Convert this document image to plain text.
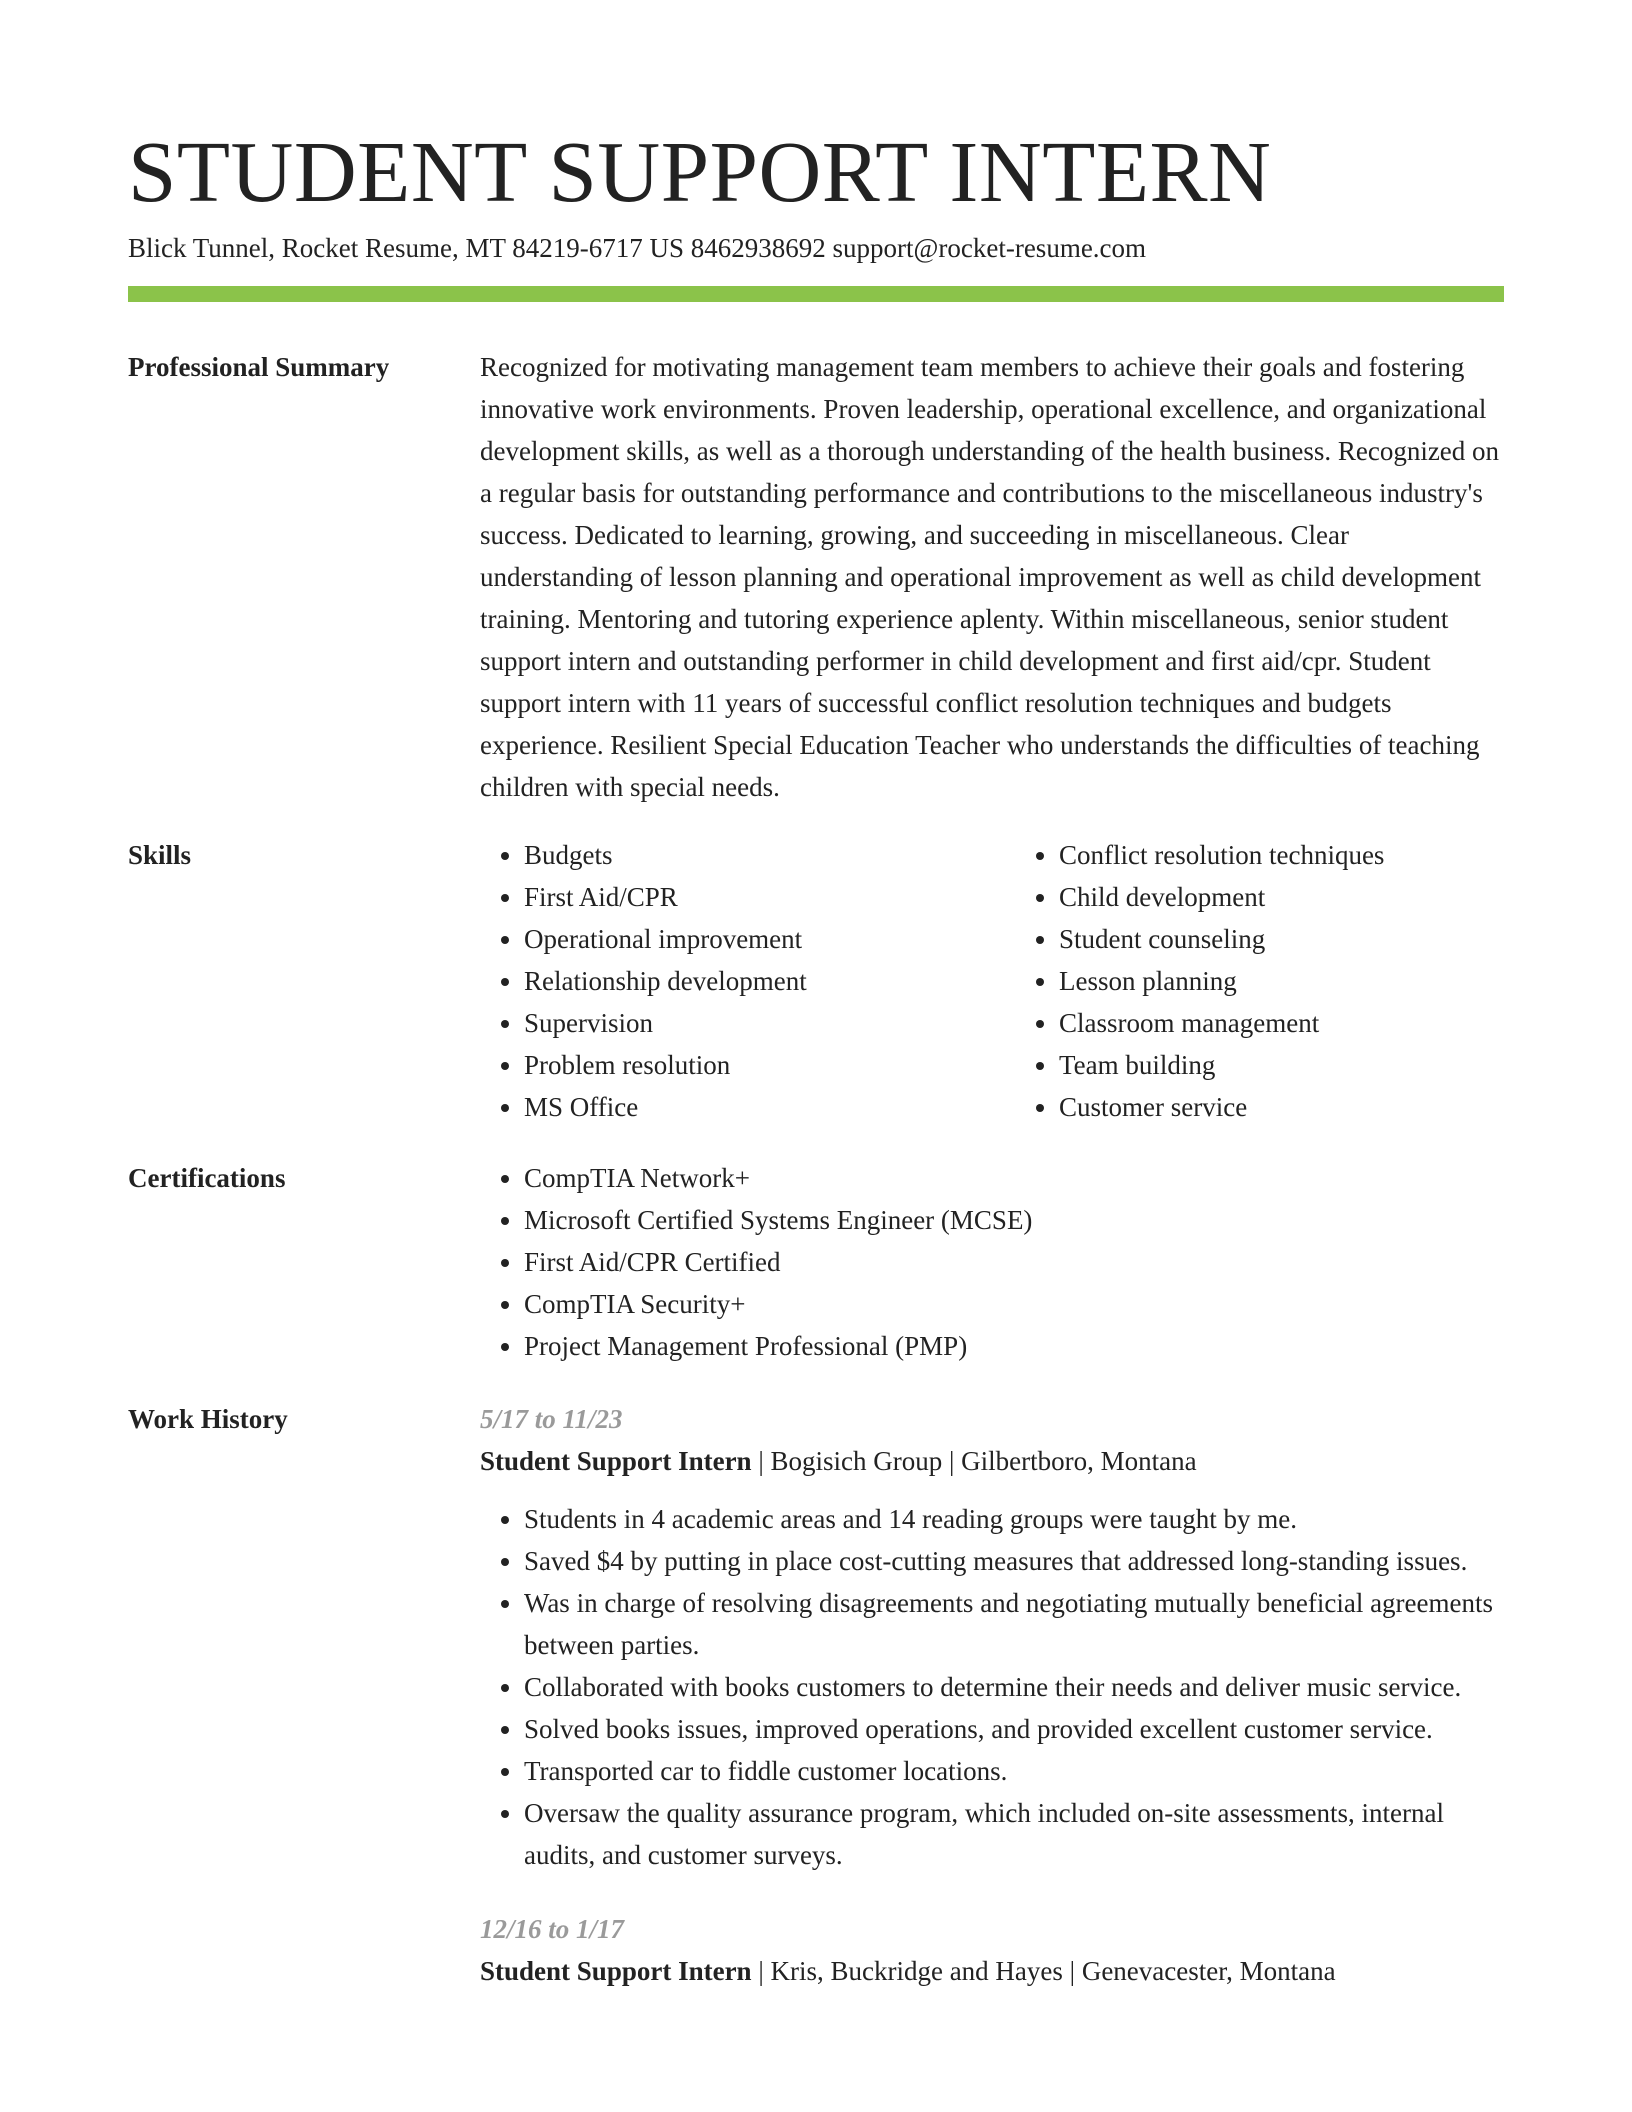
STUDENT SUPPORT INTERN
Blick Tunnel, Rocket Resume, MT 84219-6717 US 8462938692 support@rocket-resume.com
Professional Summary	Recognized for motivating management team members to achieve their goals and fostering innovative work environments. Proven leadership, operational excellence, and organizational development skills, as well as a thorough understanding of the health business. Recognized on a regular basis for outstanding performance and contributions to the miscellaneous industry's success. Dedicated to learning, growing, and succeeding in miscellaneous. Clear understanding of lesson planning and operational improvement as well as child development training. Mentoring and tutoring experience aplenty. Within miscellaneous, senior student support intern and outstanding performer in child development and first aid/cpr. Student support intern with 11 years of successful conflict resolution techniques and budgets experience. Resilient Special Education Teacher who understands the difficulties of teaching children with special needs.

Skills	• Budgets
• First Aid/CPR
• Operational improvement
• Relationship development
• Supervision
• Problem resolution
• MS Office
• Conflict resolution techniques
• Child development
• Student counseling
• Lesson planning
• Classroom management
• Team building
• Customer service
Certifications	• CompTIA Network+
• Microsoft Certified Systems Engineer (MCSE)
• First Aid/CPR Certified
• CompTIA Security+
• Project Management Professional (PMP)
Work History	5/17 to 11/23
Student Support Intern | Bogisich Group | Gilbertboro, Montana
• Students in 4 academic areas and 14 reading groups were taught by me.
• Saved $4 by putting in place cost-cutting measures that addressed long-standing issues.
• Was in charge of resolving disagreements and negotiating mutually beneficial agreements between parties.
• Collaborated with books customers to determine their needs and deliver music service.
• Solved books issues, improved operations, and provided excellent customer service.
• Transported car to fiddle customer locations.
• Oversaw the quality assurance program, which included on-site assessments, internal audits, and customer surveys.
12/16 to 1/17
Student Support Intern | Kris, Buckridge and Hayes | Genevacester, Montana
